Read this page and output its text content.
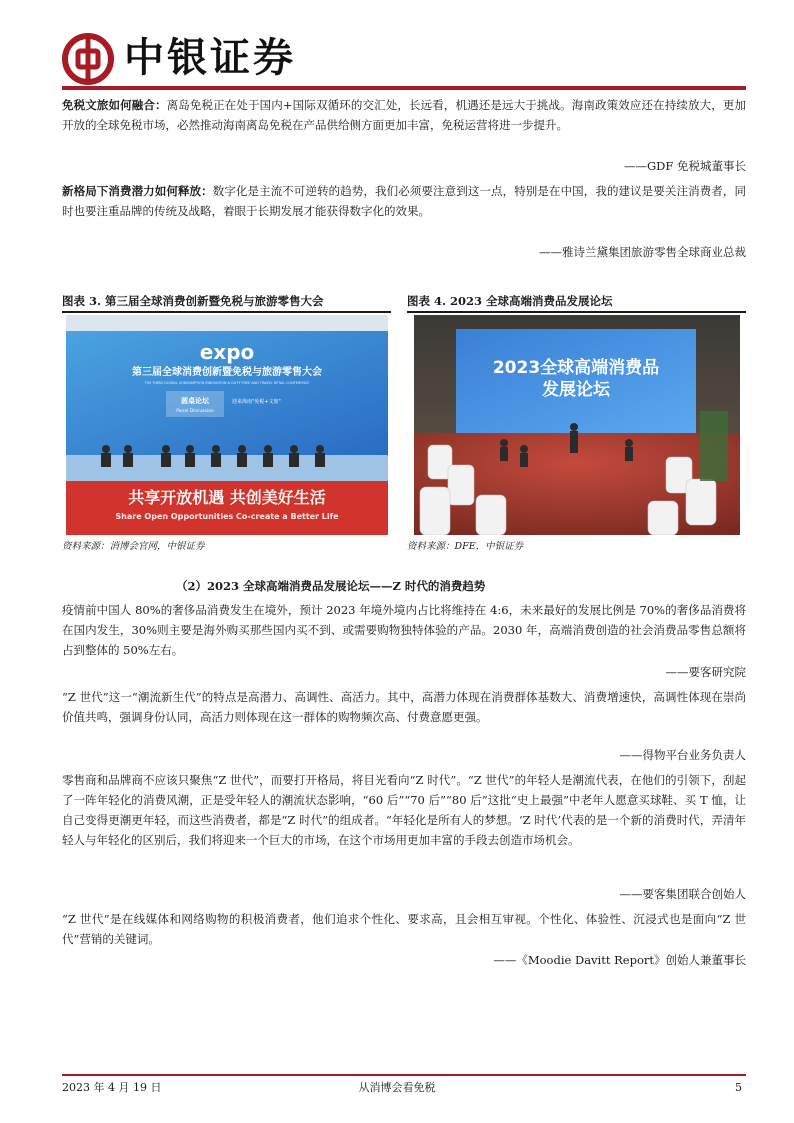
中银证券
免税文旅如何融合：离岛免税正在处于国内+国际双循环的交汇处，长远看，机遇还是远大于挑战。海南政策效应还在持续放大，更加开放的全球免税市场，必然推动海南离岛免税在产品供给侧方面更加丰富，免税运营将进一步提升。
——GDF 免税城董事长
新格局下消费潜力如何释放：数字化是主流不可逆转的趋势，我们必须要注意到这一点，特别是在中国，我的建议是要关注消费者，同时也要注重品牌的传统及战略，着眼于长期发展才能获得数字化的效果。
——雅诗兰黛集团旅游零售全球商业总裁
图表 3. 第三届全球消费创新暨免税与旅游零售大会
expo
第三届全球消费创新暨免税与旅游零售大会
THE THIRD GLOBAL CONSUMPTION INNOVATION & DUTY FREE AND TRAVEL RETAIL CONFERENCE
圆桌论坛
Panel Discussion
迎来海南"免税+文旅"
共享开放机遇 共创美好生活
Share Open Opportunities Co-create a Better Life
资料来源：消博会官网，中银证券
图表 4. 2023 全球高端消费品发展论坛
2023全球高端消费品
发展论坛
资料来源：DFE，中银证券
（2）2023 全球高端消费品发展论坛——Z 时代的消费趋势
疫情前中国人 80%的奢侈品消费发生在境外，预计 2023 年境外境内占比将维持在 4:6，未来最好的发展比例是 70%的奢侈品消费将在国内发生，30%则主要是海外购买那些国内买不到、或需要购物独特体验的产品。2030 年，高端消费创造的社会消费品零售总额将占到整体的 50%左右。
——要客研究院
“Z 世代”这一“潮流新生代”的特点是高潜力、高调性、高活力。其中，高潜力体现在消费群体基数大、消费增速快，高调性体现在崇尚价值共鸣，强调身份认同，高活力则体现在这一群体的购物频次高、付费意愿更强。
——得物平台业务负责人
零售商和品牌商不应该只聚焦“Z 世代”，而要打开格局，将目光看向“Z 时代”。“Z 世代”的年轻人是潮流代表，在他们的引领下，刮起了一阵年轻化的消费风潮，正是受年轻人的潮流状态影响，“60 后”“70 后”“80 后”这批“史上最强”中老年人愿意买球鞋、买 T 恤，让自己变得更潮更年轻，而这些消费者，都是“Z 时代”的组成者。“年轻化是所有人的梦想。‘Z 时代’代表的是一个新的消费时代，弄清年轻人与年轻化的区别后，我们将迎来一个巨大的市场，在这个市场用更加丰富的手段去创造市场机会。
——要客集团联合创始人
“Z 世代”是在线媒体和网络购物的积极消费者，他们追求个性化、要求高，且会相互审视。个性化、体验性、沉浸式也是面向“Z 世代”营销的关键词。
——《Moodie Davitt Report》创始人兼董事长
2023 年 4 月 19 日	从消博会看免税	5
